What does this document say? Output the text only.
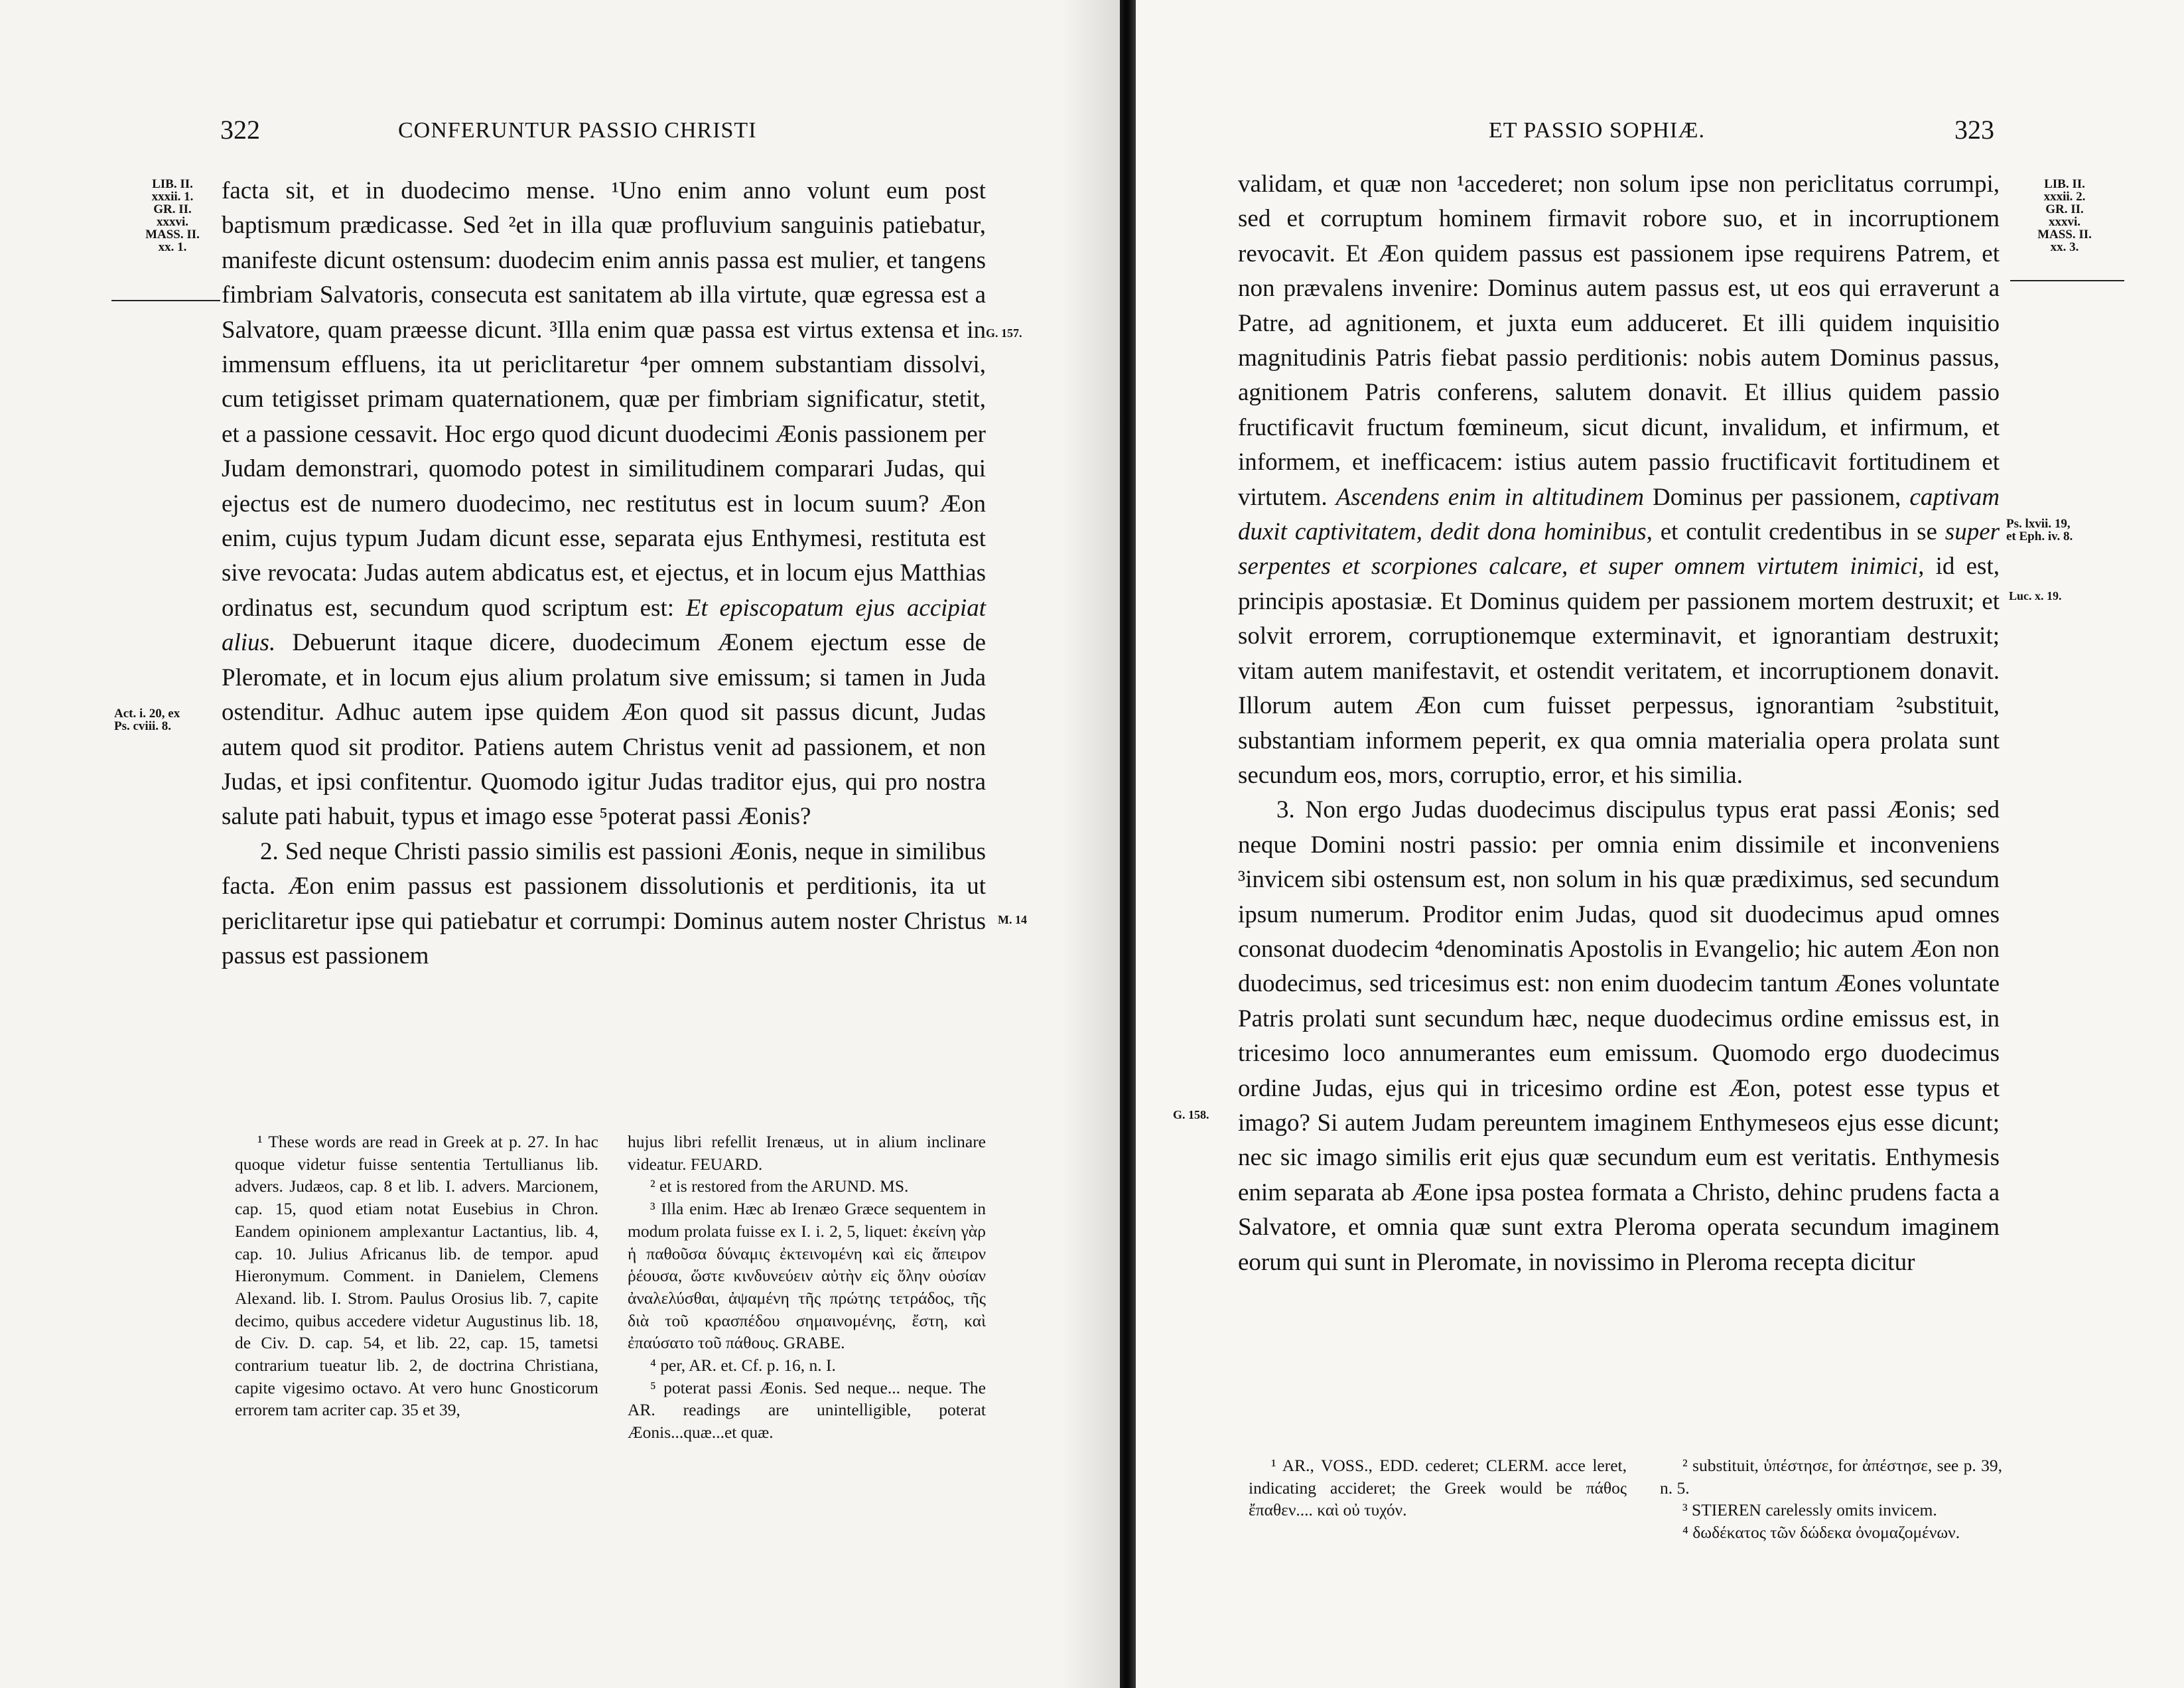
322	CONFERUNTUR PASSIO CHRISTI
LIB. II.
xxxii. 1.
GR. II.
xxxvi.
MASS. II.
xx. 1.
G. 157.
Act. i. 20, ex
Ps. cviii. 8.
M. 14

facta sit, et in duodecimo mense. ¹Uno enim anno volunt eum post baptismum prædicasse. Sed ²et in illa quæ profluvium sanguinis patiebatur, manifeste dicunt ostensum: duodecim enim annis passa est mulier, et tangens fimbriam Salvatoris, consecuta est sanitatem ab illa virtute, quæ egressa est a Salvatore, quam præesse dicunt. ³Illa enim quæ passa est virtus extensa et in immensum effluens, ita ut periclitaretur ⁴per omnem substantiam dissolvi, cum tetigisset primam quaternationem, quæ per fimbriam significatur, stetit, et a passione cessavit. Hoc ergo quod dicunt duodecimi Æonis passionem per Judam demonstrari, quomodo potest in similitudinem comparari Judas, qui ejectus est de numero duodecimo, nec restitutus est in locum suum? Æon enim, cujus typum Judam dicunt esse, separata ejus Enthymesi, restituta est sive revocata: Judas autem abdicatus est, et ejectus, et in locum ejus Matthias ordinatus est, secundum quod scriptum est: Et episcopatum ejus accipiat alius. Debuerunt itaque dicere, duodecimum Æonem ejectum esse de Pleromate, et in locum ejus alium prolatum sive emissum; si tamen in Juda ostenditur. Adhuc autem ipse quidem Æon quod sit passus dicunt, Judas autem quod sit proditor. Patiens autem Christus venit ad passionem, et non Judas, et ipsi confitentur. Quomodo igitur Judas traditor ejus, qui pro nostra salute pati habuit, typus et imago esse ⁵poterat passi Æonis?

2. Sed neque Christi passio similis est passioni Æonis, neque in similibus facta. Æon enim passus est passionem dissolutionis et perditionis, ita ut periclitaretur ipse qui patiebatur et corrumpi: Dominus autem noster Christus passus est passionem

¹ These words are read in Greek at p. 27. In hac quoque videtur fuisse sententia Tertullianus lib. advers. Judæos, cap. 8 et lib. I. advers. Marcionem, cap. 15, quod etiam notat Eusebius in Chron. Eandem opinionem amplexantur Lactantius, lib. 4, cap. 10. Julius Africanus lib. de tempor. apud Hieronymum. Comment. in Danielem, Clemens Alexand. lib. I. Strom. Paulus Orosius lib. 7, capite decimo, quibus accedere videtur Augustinus lib. 18, de Civ. D. cap. 54, et lib. 22, cap. 15, tametsi contrarium tueatur lib. 2, de doctrina Christiana, capite vigesimo octavo. At vero hunc Gnosticorum errorem tam acriter cap. 35 et 39,

hujus libri refellit Irenæus, ut in alium inclinare videatur. FEUARD.

² et is restored from the ARUND. MS.

³ Illa enim. Hæc ab Irenæo Græce sequentem in modum prolata fuisse ex I. i. 2, 5, liquet: ἐκείνη γὰρ ἡ παθοῦσα δύναμις ἐκτεινομένη καὶ εἰς ἄπειρον ῥέουσα, ὥστε κινδυνεύειν αὐτὴν εἰς ὅλην οὐσίαν ἀναλελύσθαι, ἀψαμένη τῆς πρώτης τετράδος, τῆς διὰ τοῦ κρασπέδου σημαινομένης, ἔστη, καὶ ἐπαύσατο τοῦ πάθους. GRABE.

⁴ per, AR. et. Cf. p. 16, n. I.

⁵ poterat passi Æonis. Sed neque... neque. The AR. readings are unintelligible, poterat Æonis...quæ...et quæ.

ET PASSIO SOPHIÆ.	323
LIB. II.
xxxii. 2.
GR. II.
xxxvi.
MASS. II.
xx. 3.
Ps. lxvii. 19,
et Eph. iv. 8.
Luc. x. 19.
G. 158.

validam, et quæ non ¹accederet; non solum ipse non periclitatus corrumpi, sed et corruptum hominem firmavit robore suo, et in incorruptionem revocavit. Et Æon quidem passus est passionem ipse requirens Patrem, et non prævalens invenire: Dominus autem passus est, ut eos qui erraverunt a Patre, ad agnitionem, et juxta eum adduceret. Et illi quidem inquisitio magnitudinis Patris fiebat passio perditionis: nobis autem Dominus passus, agnitionem Patris conferens, salutem donavit. Et illius quidem passio fructificavit fructum fœmineum, sicut dicunt, invalidum, et infirmum, et informem, et inefficacem: istius autem passio fructificavit fortitudinem et virtutem. Ascendens enim in altitudinem Dominus per passionem, captivam duxit captivitatem, dedit dona hominibus, et contulit credentibus in se super serpentes et scorpiones calcare, et super omnem virtutem inimici, id est, principis apostasiæ. Et Dominus quidem per passionem mortem destruxit; et solvit errorem, corruptionemque exterminavit, et ignorantiam destruxit; vitam autem manifestavit, et ostendit veritatem, et incorruptionem donavit. Illorum autem Æon cum fuisset perpessus, ignorantiam ²substituit, substantiam informem peperit, ex qua omnia materialia opera prolata sunt secundum eos, mors, corruptio, error, et his similia.

3. Non ergo Judas duodecimus discipulus typus erat passi Æonis; sed neque Domini nostri passio: per omnia enim dissimile et inconveniens ³invicem sibi ostensum est, non solum in his quæ prædiximus, sed secundum ipsum numerum. Proditor enim Judas, quod sit duodecimus apud omnes consonat duodecim ⁴denominatis Apostolis in Evangelio; hic autem Æon non duodecimus, sed tricesimus est: non enim duodecim tantum Æones voluntate Patris prolati sunt secundum hæc, neque duodecimus ordine emissus est, in tricesimo loco annumerantes eum emissum. Quomodo ergo duodecimus ordine Judas, ejus qui in tricesimo ordine est Æon, potest esse typus et imago? Si autem Judam pereuntem imaginem Enthymeseos ejus esse dicunt; nec sic imago similis erit ejus quæ secundum eum est veritatis. Enthymesis enim separata ab Æone ipsa postea formata a Christo, dehinc prudens facta a Salvatore, et omnia quæ sunt extra Pleroma operata secundum imaginem eorum qui sunt in Pleromate, in novissimo in Pleroma recepta dicitur

¹ AR., VOSS., EDD. cederet; CLERM. acce leret, indicating accideret; the Greek would be πάθος ἔπαθεν.... καὶ οὐ τυχόν.

² substituit, ὑπέστησε, for ἀπέστησε, see p. 39, n. 5.

³ STIEREN carelessly omits invicem.

⁴ δωδέκατος τῶν δώδεκα ὀνομαζομένων.
